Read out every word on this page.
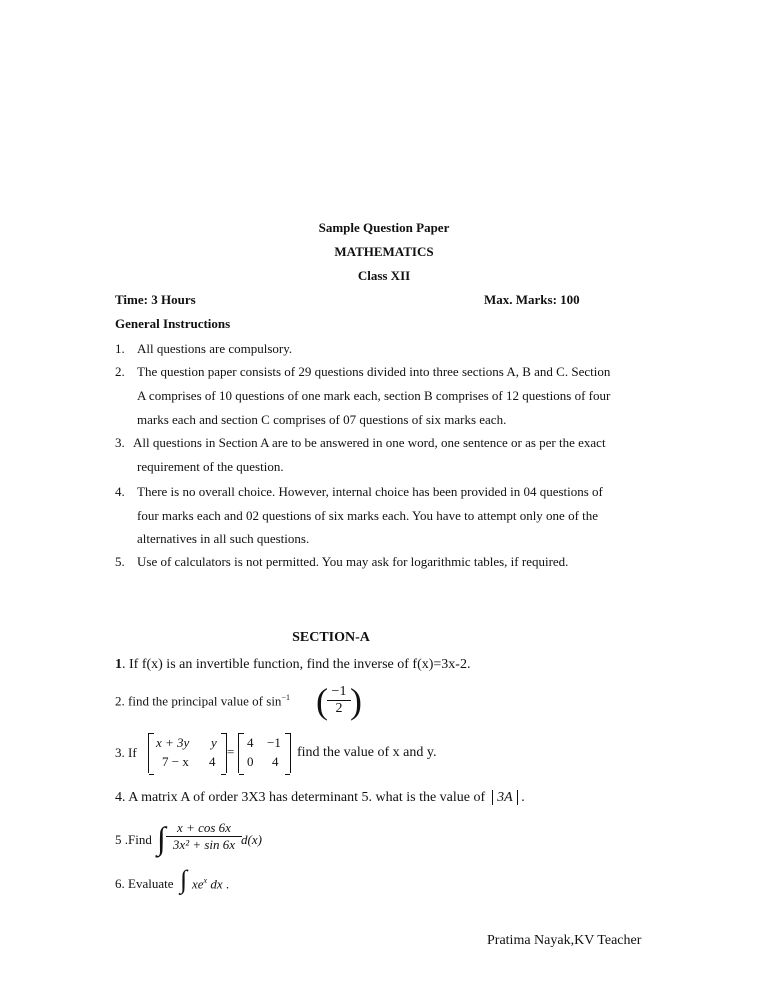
Sample Question Paper
MATHEMATICS
Class XII
Time: 3 Hours	Max. Marks: 100
General Instructions
1. All questions are compulsory.
2. The question paper consists of 29 questions divided into three sections A, B and C. Section
A comprises of 10 questions of one mark each, section B comprises of 12 questions of four
marks each and section C comprises of 07 questions of six marks each.
3. All questions in Section A are to be answered in one word, one sentence or as per the exact
requirement of the question.
4. There is no overall choice. However, internal choice has been provided in 04 questions of
four marks each and 02 questions of six marks each. You have to attempt only one of the
alternatives in all such questions.
5. Use of calculators is not permitted. You may ask for logarithmic tables, if required.
SECTION-A
1. If f(x) is an invertible function, find the inverse of f(x)=3x-2.
2. find the principal value of $\sin^{-1}$ ( $\frac{-1}{2}$ )
3. If
x + 3y y
7 − x 4
=
4 −1
0 4
find the value of x and y.
4. A matrix A of order 3X3 has determinant 5. what is the value of 3A .
5 .Find ∫ $\frac{x + \cos 6x}{\text{3x² + sin 6x}} d(x)$
6. Evaluate ∫ $xe^x$ dx .
Pratima Nayak,KV Teacher
